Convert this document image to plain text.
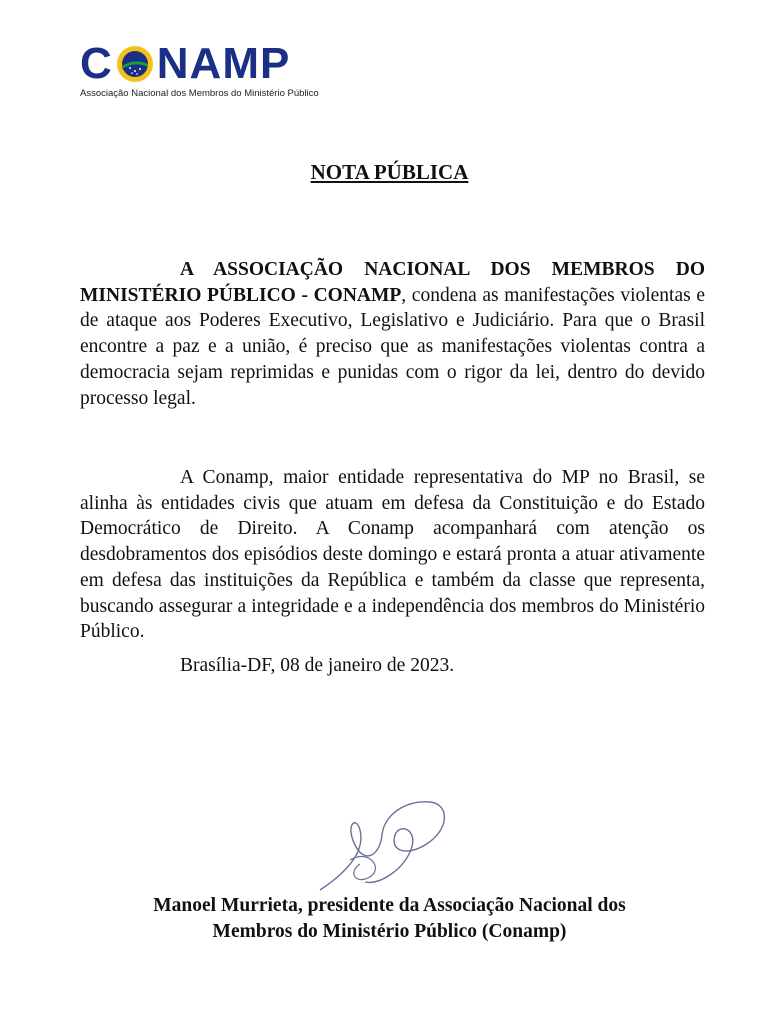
C NAMP
Associação Nacional dos Membros do Ministério Público
NOTA PÚBLICA

A ASSOCIAÇÃO NACIONAL DOS MEMBROS DO MINISTÉRIO PÚBLICO - CONAMP, condena as manifestações violentas e de ataque aos Poderes Executivo, Legislativo e Judiciário. Para que o Brasil encontre a paz e a união, é preciso que as manifestações violentas contra a democracia sejam reprimidas e punidas com o rigor da lei, dentro do devido processo legal.

A Conamp, maior entidade representativa do MP no Brasil, se alinha às entidades civis que atuam em defesa da Constituição e do Estado Democrático de Direito. A Conamp acompanhará com atenção os desdobramentos dos episódios deste domingo e estará pronta a atuar ativamente em defesa das instituições da República e também da classe que representa, buscando assegurar a integridade e a independência dos membros do Ministério Público.

Brasília-DF, 08 de janeiro de 2023.
Manoel Murrieta, presidente da Associação Nacional dos
Membros do Ministério Público (Conamp)
